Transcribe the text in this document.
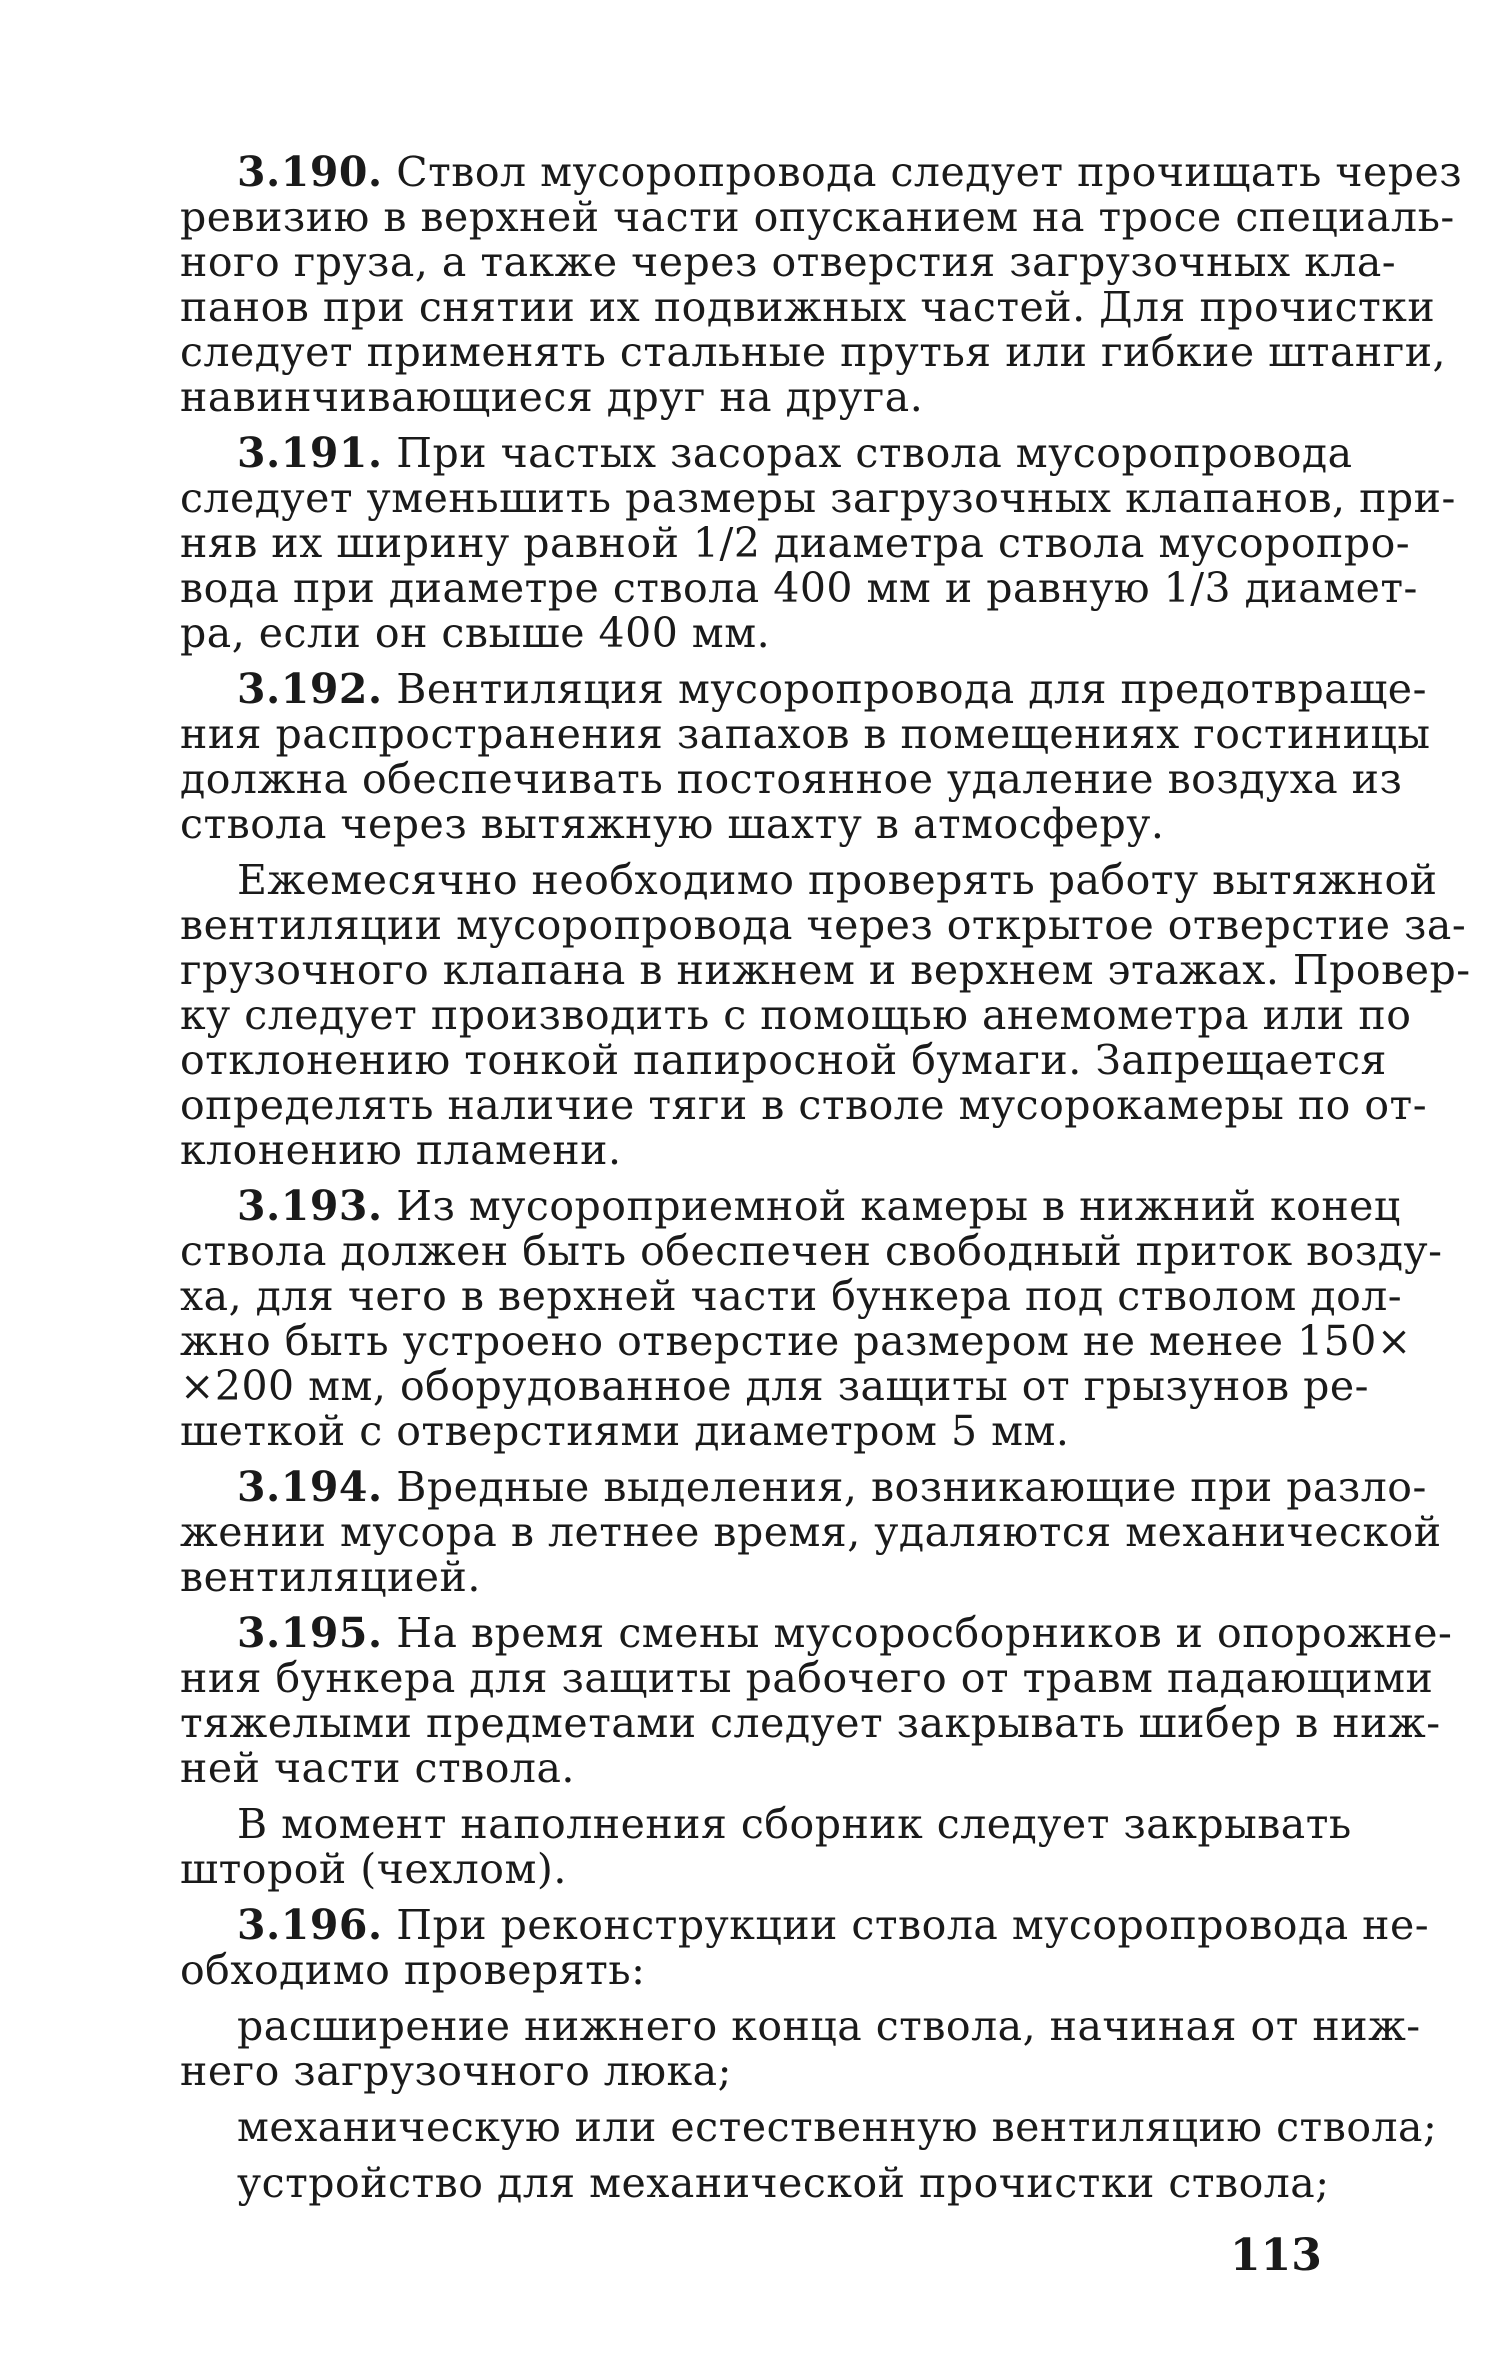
3.190. Ствол мусоропровода следует прочищать через
ревизию в верхней части опусканием на тросе специаль-
ного груза, а также через отверстия загрузочных кла-
панов при снятии их подвижных частей. Для прочистки
следует применять стальные прутья или гибкие штанги,
навинчивающиеся друг на друга.
3.191. При частых засорах ствола мусоропровода
следует уменьшить размеры загрузочных клапанов, при-
няв их ширину равной 1/2 диаметра ствола мусоропро-
вода при диаметре ствола 400 мм и равную 1/3 диамет-
ра, если он свыше 400 мм.
3.192. Вентиляция мусоропровода для предотвраще-
ния распространения запахов в помещениях гостиницы
должна обеспечивать постоянное удаление воздуха из
ствола через вытяжную шахту в атмосферу.
Ежемесячно необходимо проверять работу вытяжной
вентиляции мусоропровода через открытое отверстие за-
грузочного клапана в нижнем и верхнем этажах. Провер-
ку следует производить с помощью анемометра или по
отклонению тонкой папиросной бумаги. Запрещается
определять наличие тяги в стволе мусорокамеры по от-
клонению пламени.
3.193. Из мусороприемной камеры в нижний конец
ствола должен быть обеспечен свободный приток возду-
ха, для чего в верхней части бункера под стволом дол-
жно быть устроено отверстие размером не менее 150×
×200 мм, оборудованное для защиты от грызунов ре-
шеткой с отверстиями диаметром 5 мм.
3.194. Вредные выделения, возникающие при разло-
жении мусора в летнее время, удаляются механической
вентиляцией.
3.195. На время смены мусоросборников и опорожне-
ния бункера для защиты рабочего от травм падающими
тяжелыми предметами следует закрывать шибер в ниж-
ней части ствола.
В момент наполнения сборник следует закрывать
шторой (чехлом).
3.196. При реконструкции ствола мусоропровода не-
обходимо проверять:
расширение нижнего конца ствола, начиная от ниж-
него загрузочного люка;
механическую или естественную вентиляцию ствола;
устройство для механической прочистки ствола;
113
